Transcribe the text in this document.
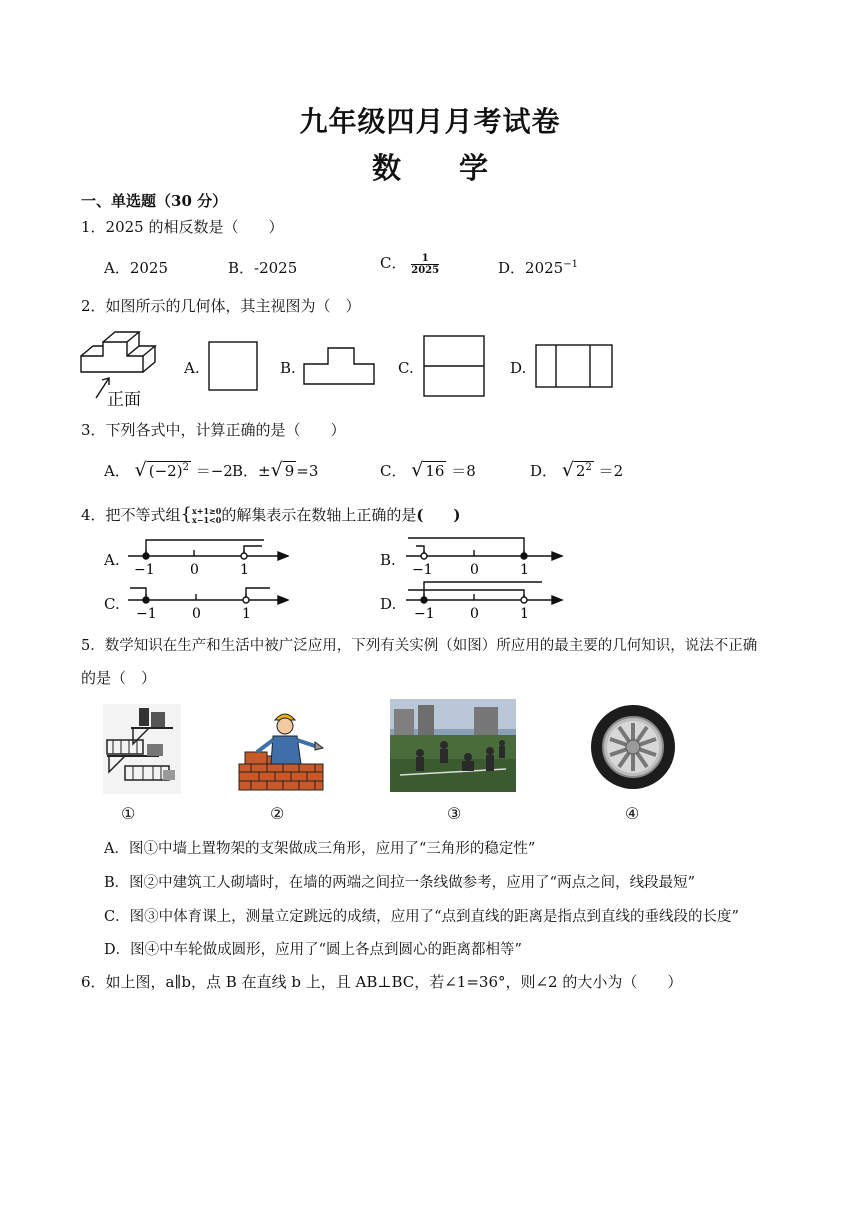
九年级四月月考试卷
数　　学
一、单选题（30 分）
1．2025 的相反数是（　　）
A．2025	B．-2025	C． $\frac{1}{2025}$	D．$2025^{-1}$
2．如图所示的几何体，其主视图为（　）
正面
A.	B.	C.	D.
3．下列各式中，计算正确的是（　　）
A． √ $(-2)^2 =-2$ B．±√ 9 =3	C． √ 16 ＝8	D． √ $2^2 =2$
4．把不等式组{ x+1≥0
x−1<0 的解集表示在数轴上正确的是(　　)
A.
−1	0	1
B.
−1	0	1
C.
−1	0	1
D.
−1	0	1
5．数学知识在生产和生活中被广泛应用，下列有关实例（如图）所应用的最主要的几何知识，说法不正确
的是（　）
①	②	③	④
A．图①中墙上置物架的支架做成三角形，应用了“三角形的稳定性”
B．图②中建筑工人砌墙时，在墙的两端之间拉一条线做参考，应用了“两点之间，线段最短”
C．图③中体育课上，测量立定跳远的成绩，应用了“点到直线的距离是指点到直线的垂线段的长度”
D．图④中车轮做成圆形，应用了“圆上各点到圆心的距离都相等”
6．如上图，a∥b，点 B 在直线 b 上，且 AB⊥BC，若∠1=36°，则∠2 的大小为（　　）
